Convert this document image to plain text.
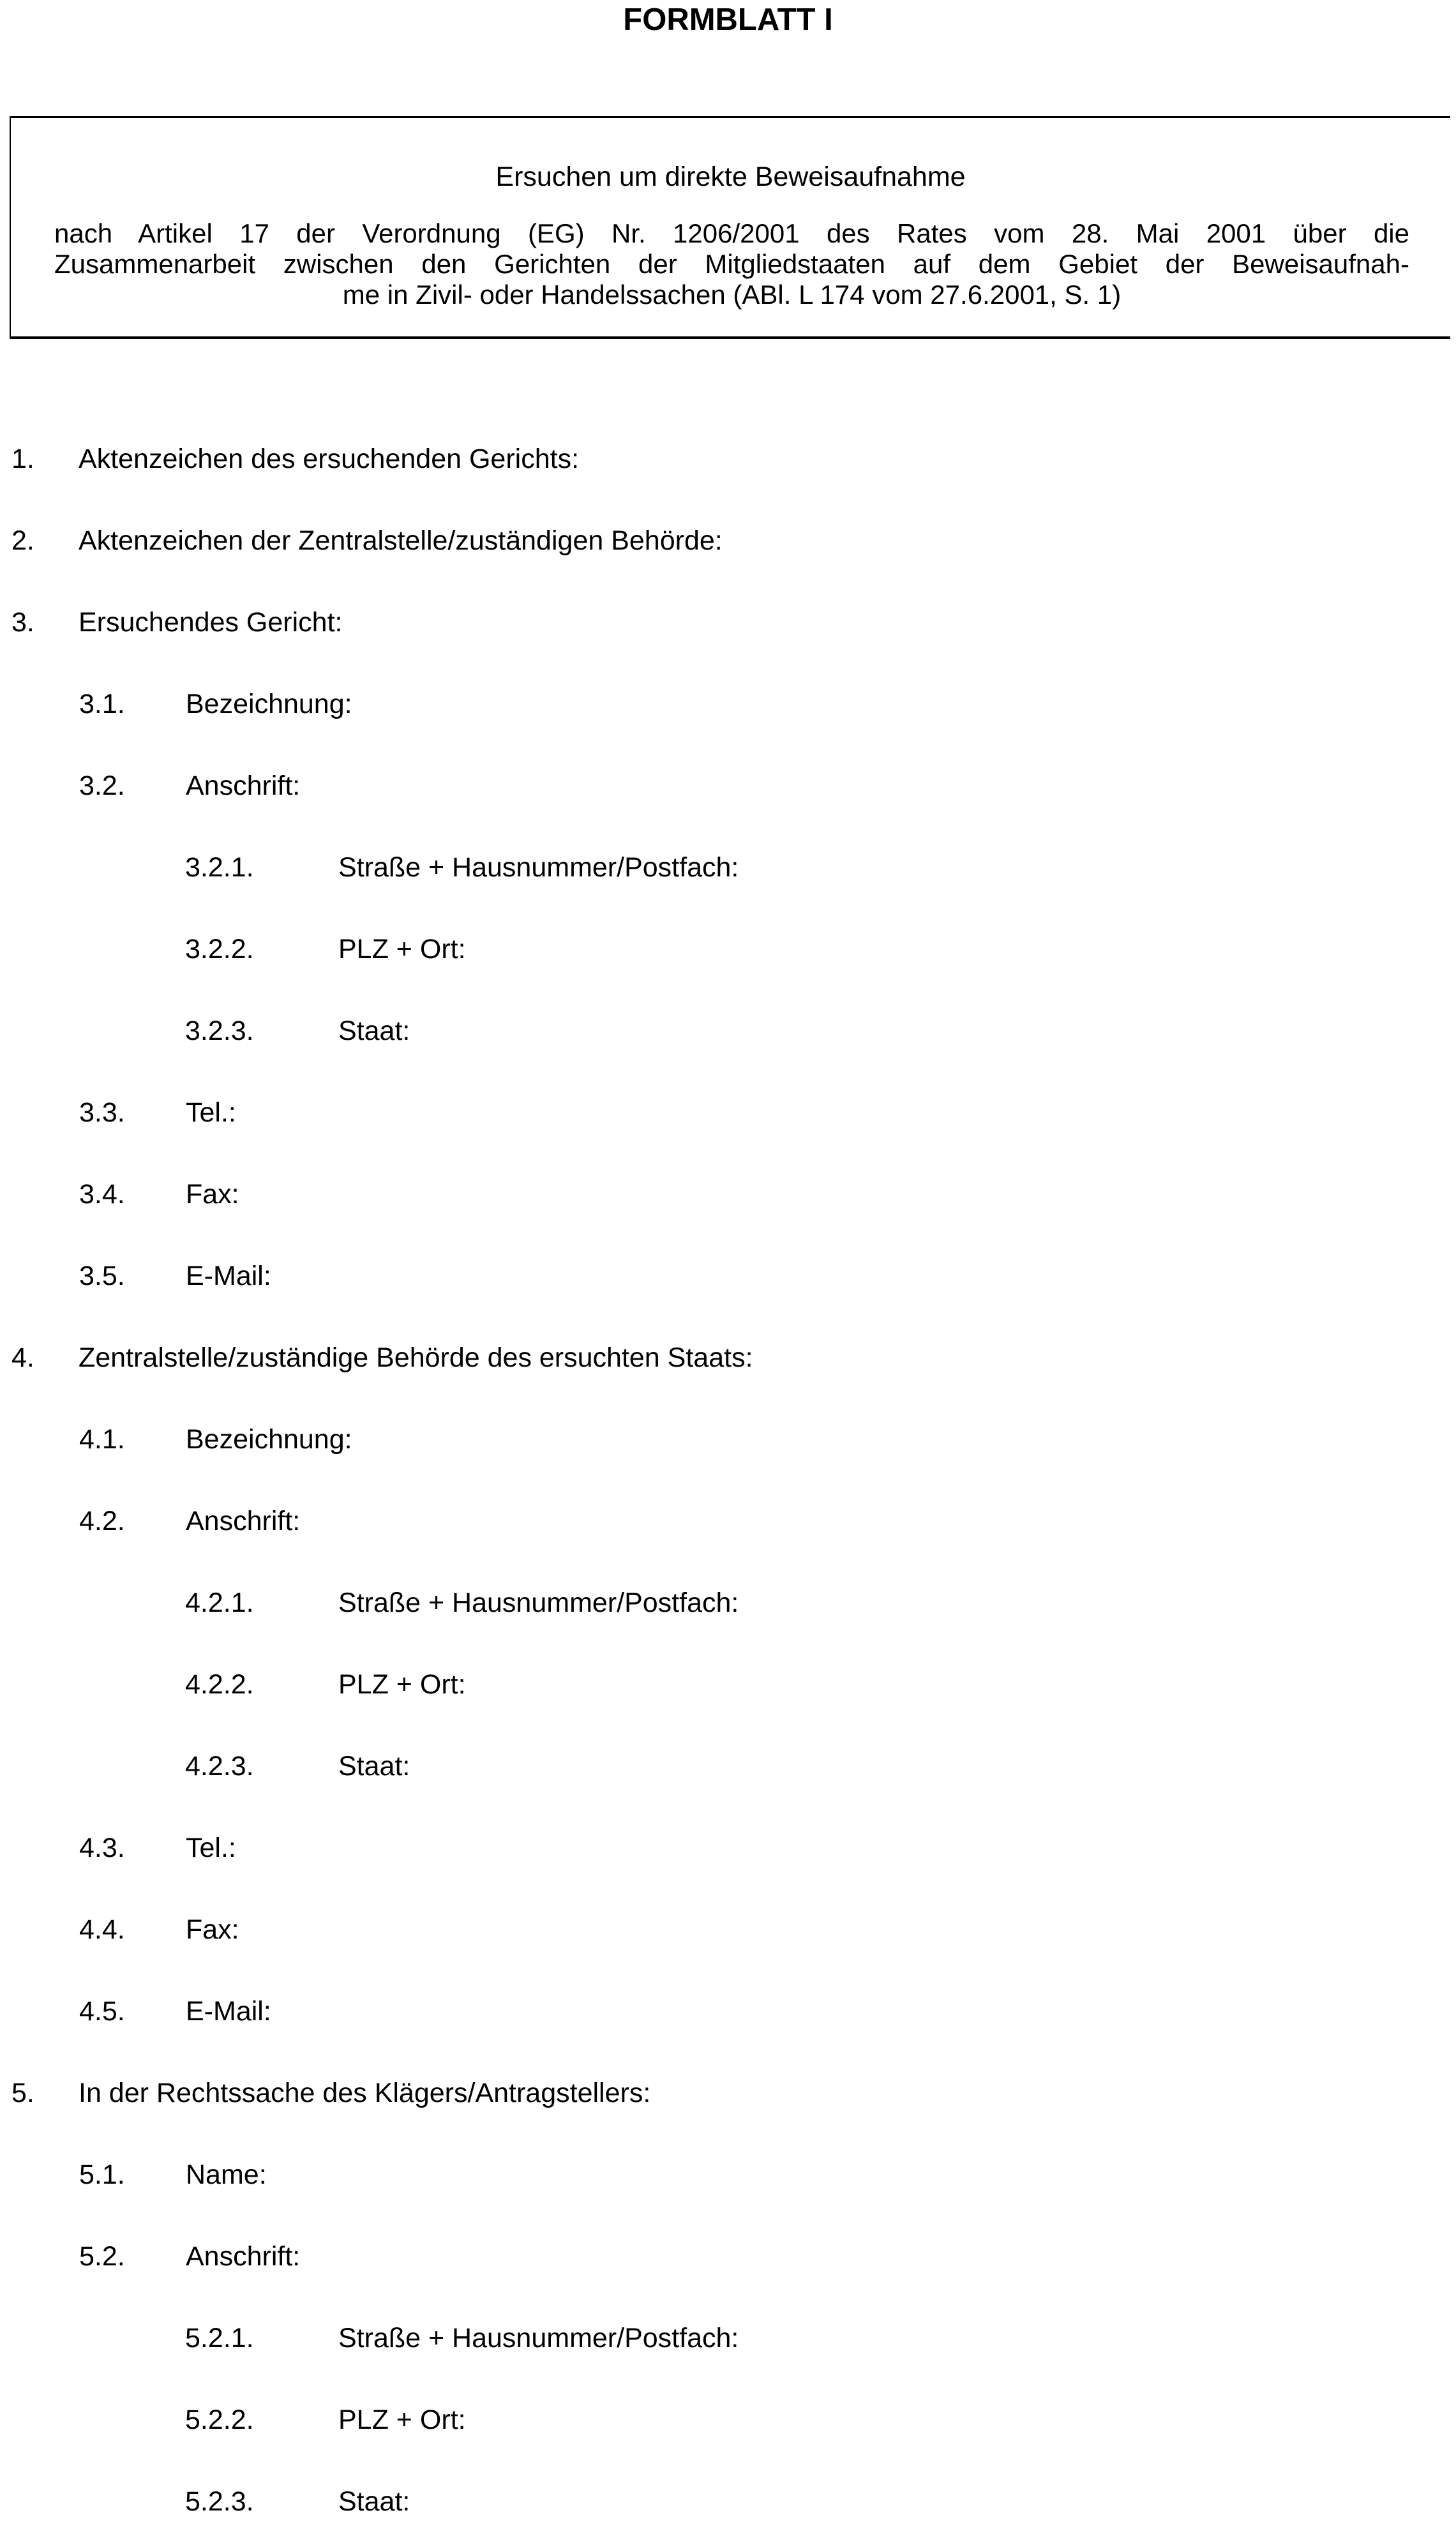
FORMBLATT I
Ersuchen um direkte Beweisaufnahme
nach Artikel 17 der Verordnung (EG) Nr. 1206/2001 des Rates vom 28. Mai 2001 über die
Zusammenarbeit zwischen den Gerichten der Mitgliedstaaten auf dem Gebiet der Beweisaufnah-
me in Zivil- oder Handelssachen (ABl. L 174 vom 27.6.2001, S. 1)
1. Aktenzeichen des ersuchenden Gerichts:
2. Aktenzeichen der Zentralstelle/zuständigen Behörde:
3. Ersuchendes Gericht:
3.1. Bezeichnung:
3.2. Anschrift:
3.2.1.	Straße + Hausnummer/Postfach:
3.2.2.	PLZ + Ort:
3.2.3.	Staat:
3.3. Tel.:
3.4. Fax:
3.5. E-Mail:
4. Zentralstelle/zuständige Behörde des ersuchten Staats:
4.1. Bezeichnung:
4.2. Anschrift:
4.2.1.	Straße + Hausnummer/Postfach:
4.2.2.	PLZ + Ort:
4.2.3.	Staat:
4.3. Tel.:
4.4. Fax:
4.5. E-Mail:
5. In der Rechtssache des Klägers/Antragstellers:
5.1. Name:
5.2. Anschrift:
5.2.1.	Straße + Hausnummer/Postfach:
5.2.2.	PLZ + Ort:
5.2.3.	Staat:
